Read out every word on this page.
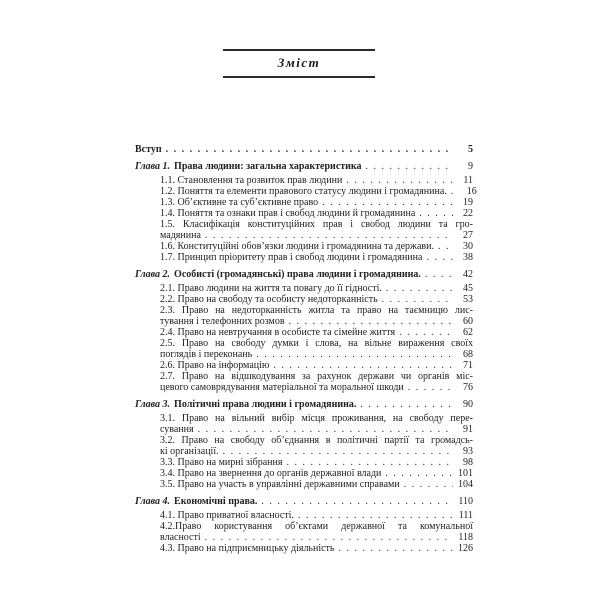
Зміст
Вступ . . .	5
Глава 1. Права людини: загальна характеристика . . .	9
1.1. Становлення та розвиток прав людини . . .	11
1.2. Поняття та елементи правового статусу людини і громадянина. . . .	16
1.3. Об’єктивне та суб’єктивне право . . .	19
1.4. Поняття та ознаки прав і свобод людини й громадянина . . .	22
1.5. Класифікація конституційних прав і свобод людини та гро-
мадянина . . .	27
1.6. Конституційні обов’язки людини і громадянина та держави. . . .	30
1.7. Принцип пріоритету прав і свобод людини і громадянина . . .	38
Глава 2. Особисті (громадянські) права людини і громадянина. . . .	42
2.1. Право людини на життя та повагу до її гідності. . . .	45
2.2. Право на свободу та особисту недоторканність . . .	53
2.3. Право на недоторканність житла та право на таємницю лис-
тування і телефонних розмов . . .	60
2.4. Право на невтручання в особисте та сімейне життя . . .	62
2.5. Право на свободу думки і слова, на вільне вираження своїх
поглядів і переконань . . .	68
2.6. Право на інформацію . . .	71
2.7. Право на відшкодування за рахунок держави чи органів міс-
цевого самоврядування матеріальної та моральної шкоди . . .	76
Глава 3. Політичні права людини і громадянина. . . .	90
3.1. Право на вільний вибір місця проживання, на свободу пере-
сування . . .	91
3.2. Право на свободу об’єднання в політичні партії та громадсь-
кі організації. . . .	93
3.3. Право на мирні зібрання . . .	98
3.4. Право на звернення до органів державної влади . . .	101
3.5. Право на участь в управлінні державними справами . . .	104
Глава 4. Економічні права. . . .	110
4.1. Право приватної власності. . . .	111
4.2.Право користування об’єктами державної та комунальної
власності . . .	118
4.3. Право на підприємницьку діяльність . . .	126
